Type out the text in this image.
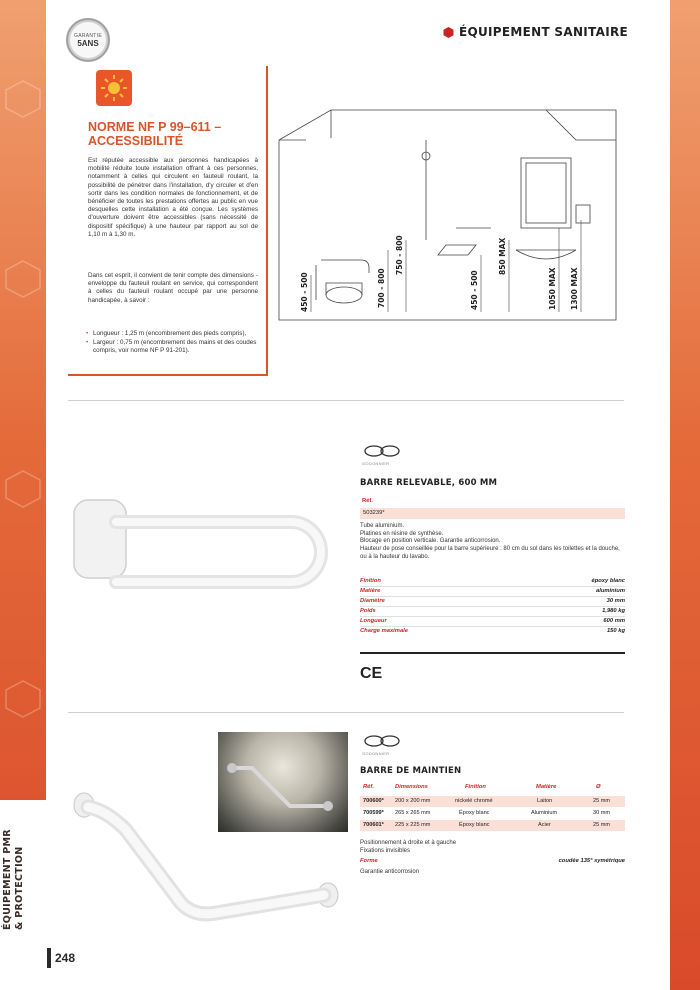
ÉQUIPEMENT PMR & PROTECTION
248
GARANTIE
5ANS
ÉQUIPEMENT SANITAIRE
NORME NF P 99–611 –
ACCESSIBILITÉ

Est réputée accessible aux personnes handicapées à mobilité réduite toute installation offrant à ces personnes, notamment à celles qui circulent en fauteuil roulant, la possibilité de pénétrer dans l'installation, d'y circuler et d'en sortir dans les condition normales de fonctionnement, et de bénéficier de toutes les prestations offertes au public en vue desquelles cette installation a été conçue. Les systèmes d'ouverture doivent être accessibles (sans nécessité de dispositif spécifique) à une hauteur par rapport au sol de 1,10 m à 1,30 m.

Dans cet esprit, il convient de tenir compte des dimensions - enveloppe du fauteuil roulant en service, qui correspondent à celles du fauteuil roulant occupé par une personne handicapée, à savoir :

• Longueur : 1,25 m (encombrement des pieds compris),
• Largeur : 0,75 m (encombrement des mains et des coudes compris, voir norme NF P 91-201).
450 - 500	700 - 800
750 - 800
450 - 500
850 MAX
1050 MAX 1300 MAX
GODONNIER
BARRE RELEVABLE, 600 MM
Réf.
503239*
Tube aluminium.
Platines en résine de synthèse.
Blocage en position verticale. Garantie anticorrosion.
Hauteur de pose conseillée pour la barre supérieure : 80 cm du sol dans les toilettes et la douche, ou à la hauteur du lavabo.
Finition	époxy blanc
Matière	aluminium
Diamètre	30 mm
Poids	1,980 kg
Longueur	600 mm
Charge maximale	150 kg
CE
GODONNIER
BARRE DE MAINTIEN
Réf.	Dimensions	Finition	Matière	Ø
700600* 200 x 200 mm	nickelé chromé	Laiton	25 mm
700599* 265 x 265 mm	Époxy blanc	Aluminium	30 mm
700601* 225 x 225 mm	Époxy blanc	Acier	25 mm
Positionnement à droite et à gauche
Fixations invisibles
Forme	coudée 135° symétrique
Garantie anticorrosion
